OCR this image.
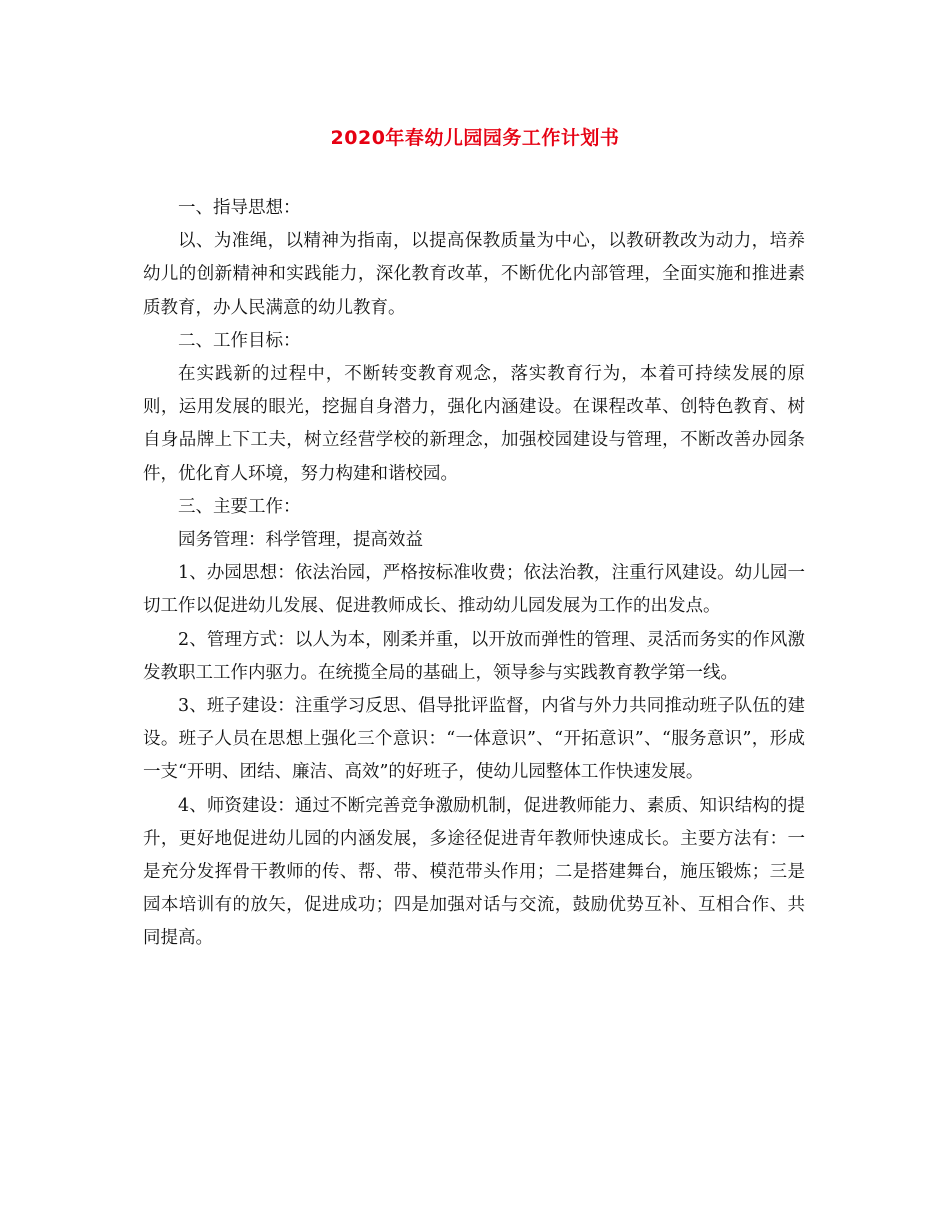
2020年春幼儿园园务工作计划书

一、指导思想：

以、为准绳，以精神为指南，以提高保教质量为中心，以教研教改为动力，培养幼儿的创新精神和实践能力，深化教育改革，不断优化内部管理，全面实施和推进素质教育，办人民满意的幼儿教育。

二、工作目标：

在实践新的过程中，不断转变教育观念，落实教育行为，本着可持续发展的原则，运用发展的眼光，挖掘自身潜力，强化内涵建设。在课程改革、创特色教育、树自身品牌上下工夫，树立经营学校的新理念，加强校园建设与管理，不断改善办园条件，优化育人环境，努力构建和谐校园。

三、主要工作：

园务管理：科学管理，提高效益

1、办园思想：依法治园，严格按标准收费；依法治教，注重行风建设。幼儿园一切工作以促进幼儿发展、促进教师成长、推动幼儿园发展为工作的出发点。

2、管理方式：以人为本，刚柔并重，以开放而弹性的管理、灵活而务实的作风激发教职工工作内驱力。在统揽全局的基础上，领导参与实践教育教学第一线。

3、班子建设：注重学习反思、倡导批评监督，内省与外力共同推动班子队伍的建设。班子人员在思想上强化三个意识：“一体意识”、“开拓意识”、“服务意识”，形成一支“开明、团结、廉洁、高效”的好班子，使幼儿园整体工作快速发展。

4、师资建设：通过不断完善竞争激励机制，促进教师能力、素质、知识结构的提升，更好地促进幼儿园的内涵发展，多途径促进青年教师快速成长。主要方法有：一是充分发挥骨干教师的传、帮、带、模范带头作用；二是搭建舞台，施压锻炼；三是园本培训有的放矢，促进成功；四是加强对话与交流，鼓励优势互补、互相合作、共同提高。
